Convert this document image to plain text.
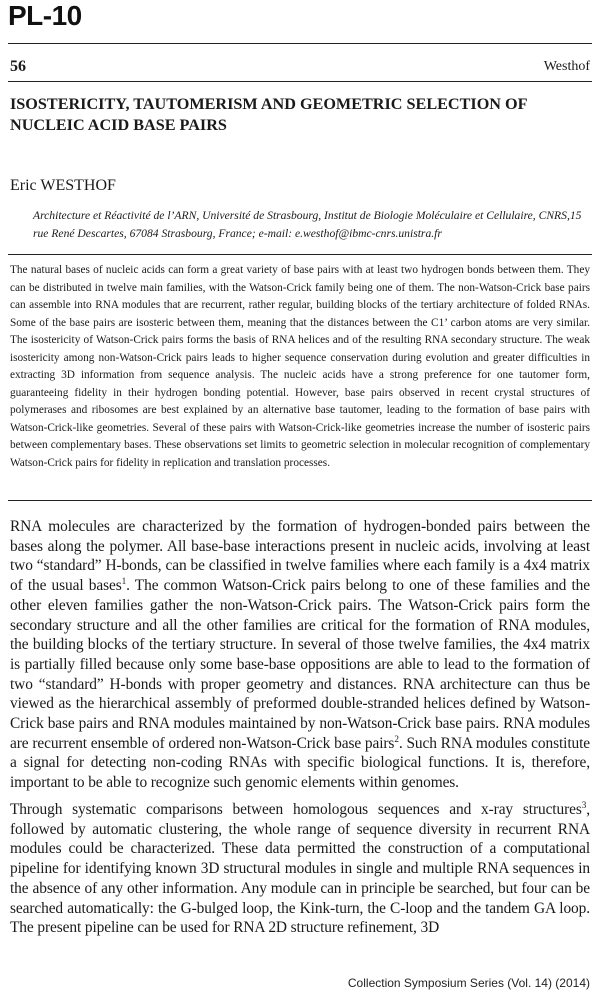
PL-10
56	Westhof
ISOSTERICITY, TAUTOMERISM AND GEOMETRIC SELECTION OF NUCLEIC ACID BASE PAIRS
Eric WESTHOF

Architecture et Réactivité de l’ARN, Université de Strasbourg, Institut de Biologie Moléculaire et Cellulaire, CNRS,15 rue René Descartes, 67084 Strasbourg, France; e-mail: e.westhof@ibmc-cnrs.unistra.fr

The natural bases of nucleic acids can form a great variety of base pairs with at least two hydrogen bonds between them. They can be distributed in twelve main families, with the Watson-Crick family being one of them. The non-Watson-Crick base pairs can assemble into RNA modules that are recurrent, rather regular, building blocks of the tertiary architecture of folded RNAs. Some of the base pairs are isosteric between them, meaning that the distances between the C1’ carbon atoms are very similar. The isostericity of Watson-Crick pairs forms the basis of RNA helices and of the resulting RNA secondary structure. The weak isostericity among non-Watson-Crick pairs leads to higher sequence conservation during evolution and greater difficulties in extracting 3D information from sequence analysis. The nucleic acids have a strong preference for one tautomer form, guaranteeing fidelity in their hydrogen bonding potential. However, base pairs observed in recent crystal structures of polymerases and ribosomes are best explained by an alternative base tautomer, leading to the formation of base pairs with Watson-Crick-like geometries. Several of these pairs with Watson-Crick-like geometries increase the number of isosteric pairs between complementary bases. These observations set limits to geometric selection in molecular recognition of complementary Watson-Crick pairs for fidelity in replication and translation processes.

RNA molecules are characterized by the formation of hydrogen-bonded pairs between the bases along the polymer. All base-base interactions present in nucleic acids, involving at least two “standard” H-bonds, can be classified in twelve families where each family is a 4x4 matrix of the usual bases$^1$. The common Watson-Crick pairs belong to one of these families and the other eleven families gather the non-Watson-Crick pairs. The Watson-Crick pairs form the secondary structure and all the other families are critical for the formation of RNA modules, the building blocks of the tertiary structure. In several of those twelve families, the 4x4 matrix is partially filled because only some base-base oppositions are able to lead to the formation of two “standard” H-bonds with proper geometry and distances. RNA architecture can thus be viewed as the hierarchical assembly of preformed double-stranded helices defined by Watson-Crick base pairs and RNA modules maintained by non-Watson-Crick base pairs. RNA modules are recurrent ensemble of ordered non-Watson-Crick base pairs$^2$. Such RNA modules constitute a signal for detecting non-coding RNAs with specific biological functions. It is, therefore, important to be able to recognize such genomic elements within genomes.

Through systematic comparisons between homologous sequences and x-ray structures$^3$, followed by automatic clustering, the whole range of sequence diversity in recurrent RNA modules could be characterized. These data permitted the construction of a computational pipeline for identifying known 3D structural modules in single and multiple RNA sequences in the absence of any other information. Any module can in principle be searched, but four can be searched automatically: the G-bulged loop, the Kink-turn, the C-loop and the tandem GA loop. The present pipeline can be used for RNA 2D structure refinement, 3D

Collection Symposium Series (Vol. 14) (2014)
